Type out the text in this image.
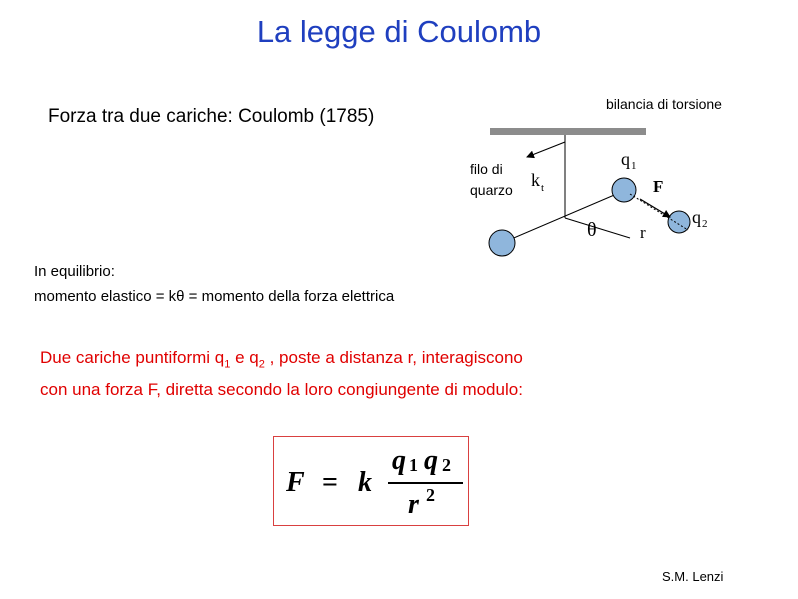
La legge di Coulomb
Forza tra due cariche: Coulomb (1785)
bilancia di torsione
filo di
quarzo k t
q 1
F
q 2
θ	r
In equilibrio:
momento elastico = kθ = momento della forza elettrica
Due cariche puntiformi $q_1$ e $q_2$ , poste a distanza r, interagiscono
con una forza F, diretta secondo la loro congiungente di modulo:
F = k
q 1 q 2
r 2
S.M. Lenzi
